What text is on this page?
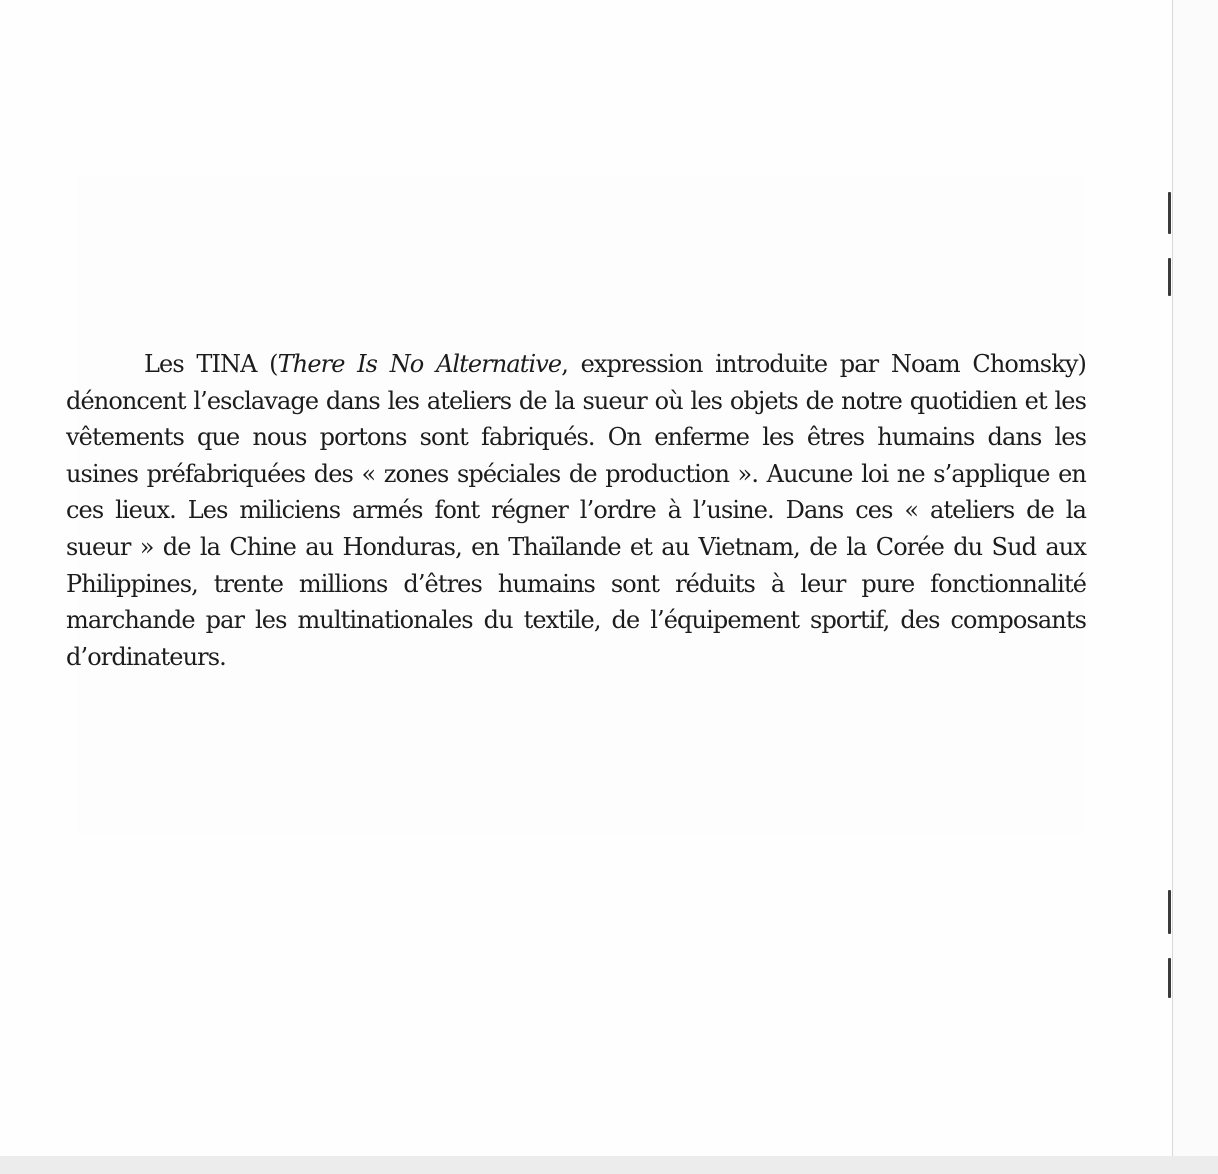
Les TINA (There Is No Alternative, expression introduite par Noam Chomsky) dénoncent l’esclavage dans les ateliers de la sueur où les objets de notre quotidien et les vêtements que nous portons sont fabriqués. On enferme les êtres humains dans les usines préfabriquées des « zones spéciales de production ». Aucune loi ne s’applique en ces lieux. Les miliciens armés font régner l’ordre à l’usine. Dans ces « ateliers de la sueur » de la Chine au Honduras, en Thaïlande et au Vietnam, de la Corée du Sud aux Philippines, trente millions d’êtres humains sont réduits à leur pure fonctionnalité marchande par les multinationales du textile, de l’équipement sportif, des composants d’ordinateurs.
